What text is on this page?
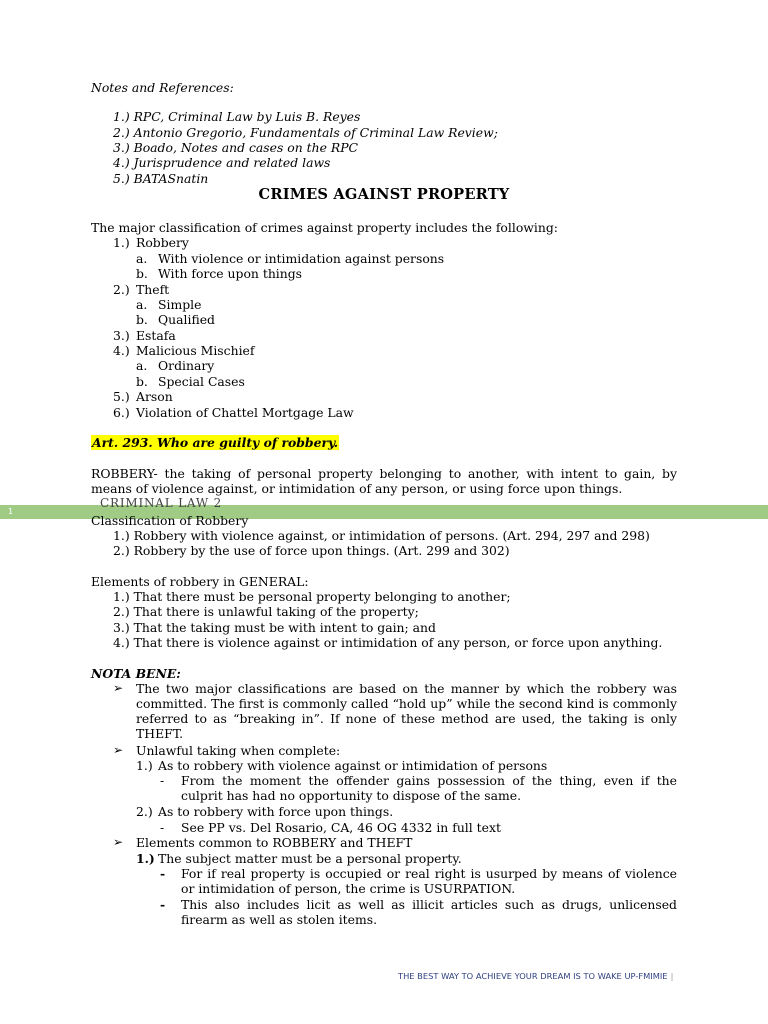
Notes and References:
1.) RPC, Criminal Law by Luis B. Reyes
2.) Antonio Gregorio, Fundamentals of Criminal Law Review;
3.) Boado, Notes and cases on the RPC
4.) Jurisprudence and related laws
5.) BATASnatin
CRIMES AGAINST PROPERTY
The major classification of crimes against property includes the following:
1.) Robbery
a. With violence or intimidation against persons
b. With force upon things
2.) Theft
a. Simple
b. Qualified
3.) Estafa
4.) Malicious Mischief
a. Ordinary
b. Special Cases
5.) Arson
6.) Violation of Chattel Mortgage Law
Art. 293. Who are guilty of robbery.
ROBBERY- the taking of personal property belonging to another, with intent to gain, by means of violence against, or intimidation of any person, or using force upon things.
1
CRIMINAL LAW 2
Classification of Robbery
1.) Robbery with violence against, or intimidation of persons. (Art. 294, 297 and 298)
2.) Robbery by the use of force upon things. (Art. 299 and 302)
Elements of robbery in GENERAL:
1.) That there must be personal property belonging to another;
2.) That there is unlawful taking of the property;
3.) That the taking must be with intent to gain; and
4.) That there is violence against or intimidation of any person, or force upon anything.
NOTA BENE:
➢ The two major classifications are based on the manner by which the robbery was committed. The first is commonly called “hold up” while the second kind is commonly referred to as “breaking in”. If none of these method are used, the taking is only THEFT.
➢ Unlawful taking when complete:
1.) As to robbery with violence against or intimidation of persons
- From the moment the offender gains possession of the thing, even if the culprit has had no opportunity to dispose of the same.
2.) As to robbery with force upon things.
- See PP vs. Del Rosario, CA, 46 OG 4332 in full text
➢ Elements common to ROBBERY and THEFT
1.) The subject matter must be a personal property.
- For if real property is occupied or real right is usurped by means of violence or intimidation of person, the crime is USURPATION.
- This also includes licit as well as illicit articles such as drugs, unlicensed firearm as well as stolen items.
THE BEST WAY TO ACHIEVE YOUR DREAM IS TO WAKE UP-FMIMIE |
